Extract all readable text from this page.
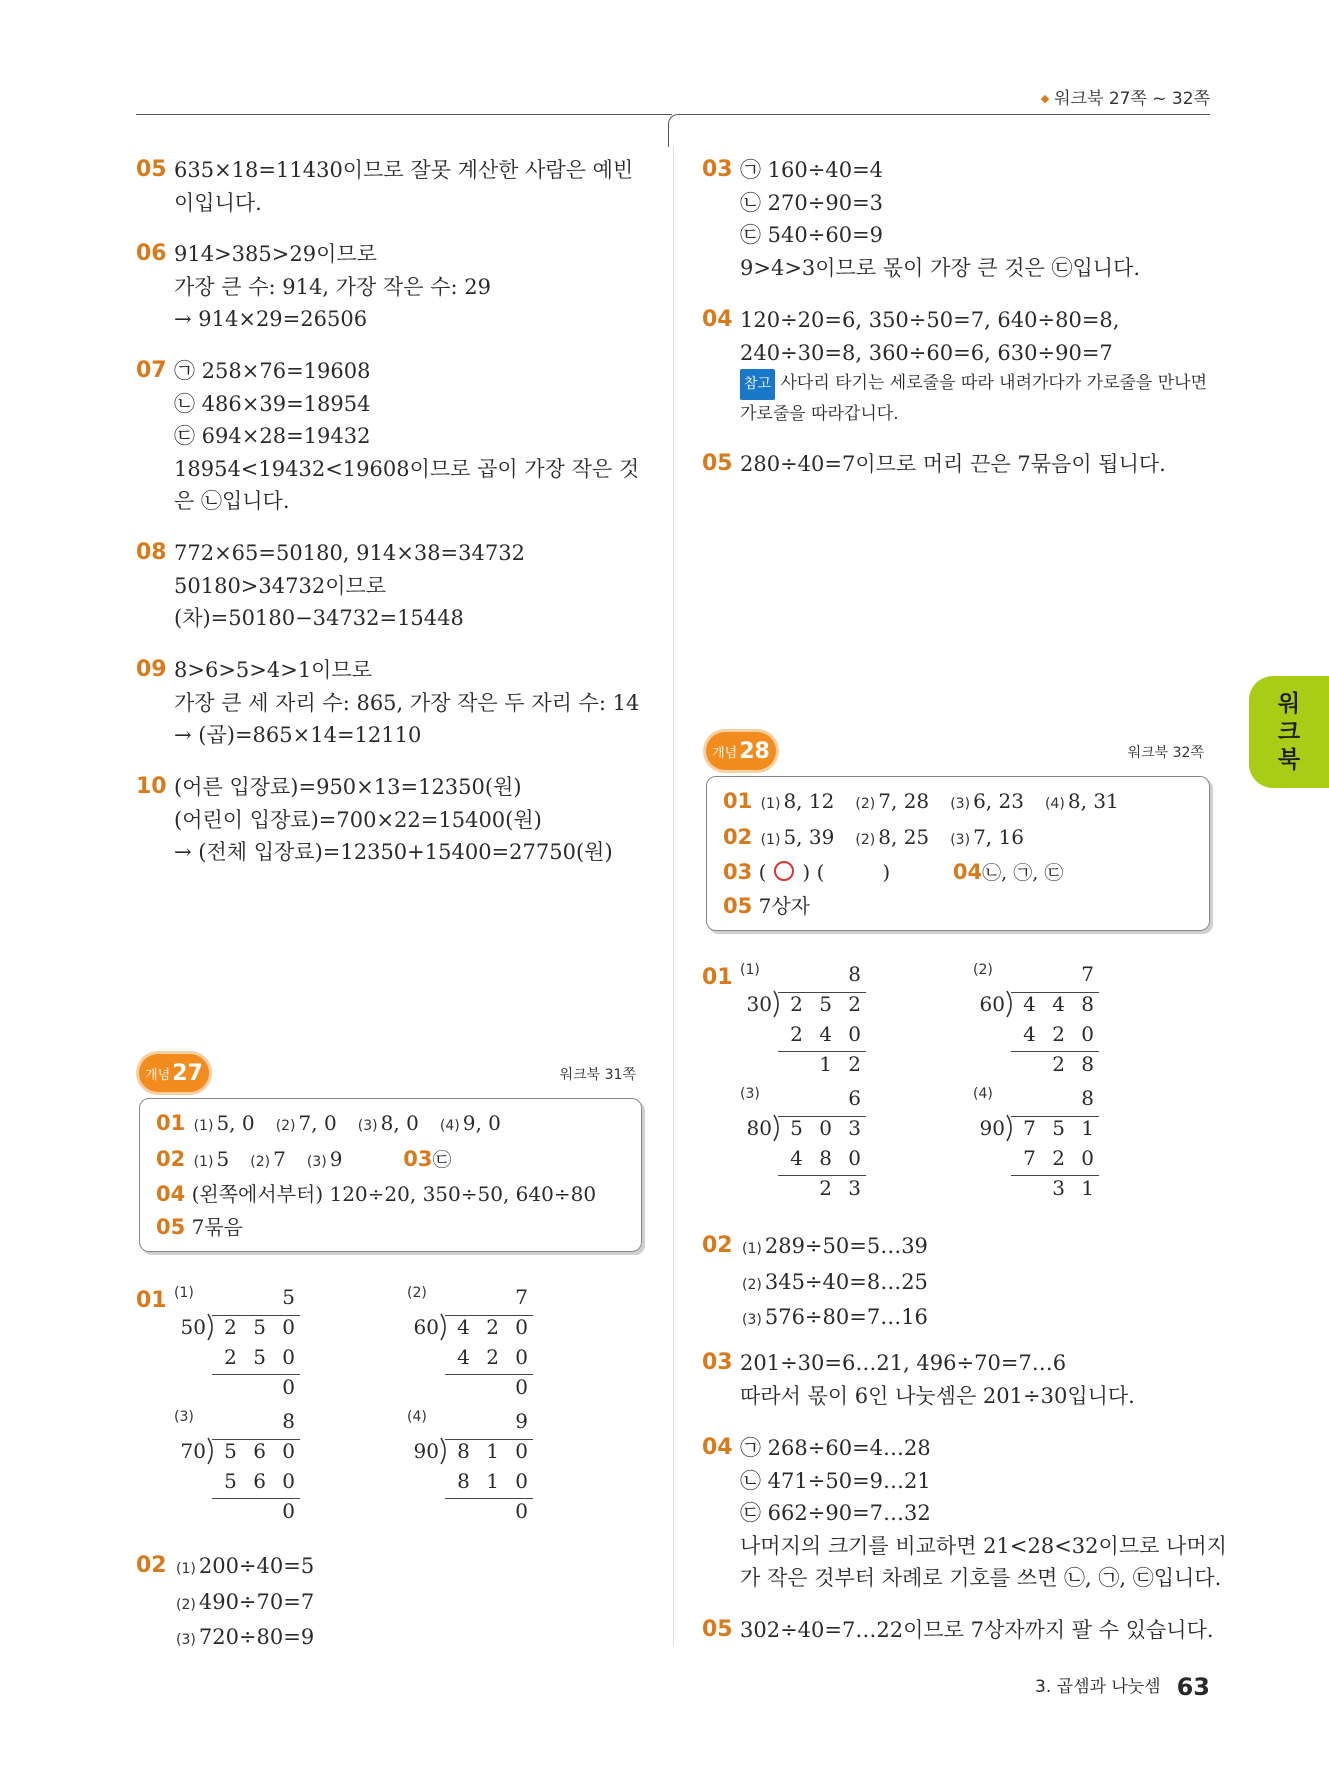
◆ 워크북 27쪽 ~ 32쪽
05 635×18=11430이므로 잘못 계산한 사람은 예빈
이입니다.
06 914>385>29이므로
가장 큰 수: 914, 가장 작은 수: 29
→ 914×29=26506
07 ㉠ 258×76=19608
㉡ 486×39=18954
㉢ 694×28=19432
18954<19432<19608이므로 곱이 가장 작은 것
은 ㉡입니다.
08 772×65=50180, 914×38=34732
50180>34732이므로
(차)=50180−34732=15448
09 8>6>5>4>1이므로
가장 큰 세 자리 수: 865, 가장 작은 두 자리 수: 14
→ (곱)=865×14=12110
10 (어른 입장료)=950×13=12350(원)
(어린이 입장료)=700×22=15400(원)
→ (전체 입장료)=12350+15400=27750(원)
개념 27	워크북 31쪽
01 (1) 5, 0 (2) 7, 0 (3) 8, 0 (4) 9, 0
02 (1) 5 (2) 7 (3) 9	03㉢
04 (왼쪽에서부터) 120÷20, 350÷50, 640÷80
05 7묶음
01 (1)	5
50 2 5 0
2 5 0
0
(2)	7
60 4 2 0
4 2 0
0
(3)	8
70 5 6 0
5 6 0
0
(4)	9
90 8 1 0
8 1 0
0
02 (1) 200÷40=5
(2) 490÷70=7
(3) 720÷80=9
03 ㉠ 160÷40=4
㉡ 270÷90=3
㉢ 540÷60=9
9>4>3이므로 몫이 가장 큰 것은 ㉢입니다.
04 120÷20=6, 350÷50=7, 640÷80=8,
240÷30=8, 360÷60=6, 630÷90=7
참고 사다리 타기는 세로줄을 따라 내려가다가 가로줄을 만나면
가로줄을 따라갑니다.
05 280÷40=7이므로 머리 끈은 7묶음이 됩니다.
개념 28	워크북 32쪽
01 (1) 8, 12 (2) 7, 28 (3) 6, 23 (4) 8, 31
02 (1) 5, 39 (2) 8, 25 (3) 7, 16
03 ( ○ ) (	)	04㉡, ㉠, ㉢
05 7상자
01 (1)	8
30 2 5 2
2 4 0
1 2
(2)	7
60 4 4 8
4 2 0
2 8
(3)	6
80 5 0 3
4 8 0
2 3
(4)	8
90 7 5 1
7 2 0
3 1
02 (1) 289÷50=5…39
(2) 345÷40=8…25
(3) 576÷80=7…16
03 201÷30=6…21, 496÷70=7…6
따라서 몫이 6인 나눗셈은 201÷30입니다.
04 ㉠ 268÷60=4…28
㉡ 471÷50=9…21
㉢ 662÷90=7…32
나머지의 크기를 비교하면 21<28<32이므로 나머지
가 작은 것부터 차례로 기호를 쓰면 ㉡, ㉠, ㉢입니다.
05 302÷40=7…22이므로 7상자까지 팔 수 있습니다.
워
크
북
3. 곱셈과 나눗셈 63
